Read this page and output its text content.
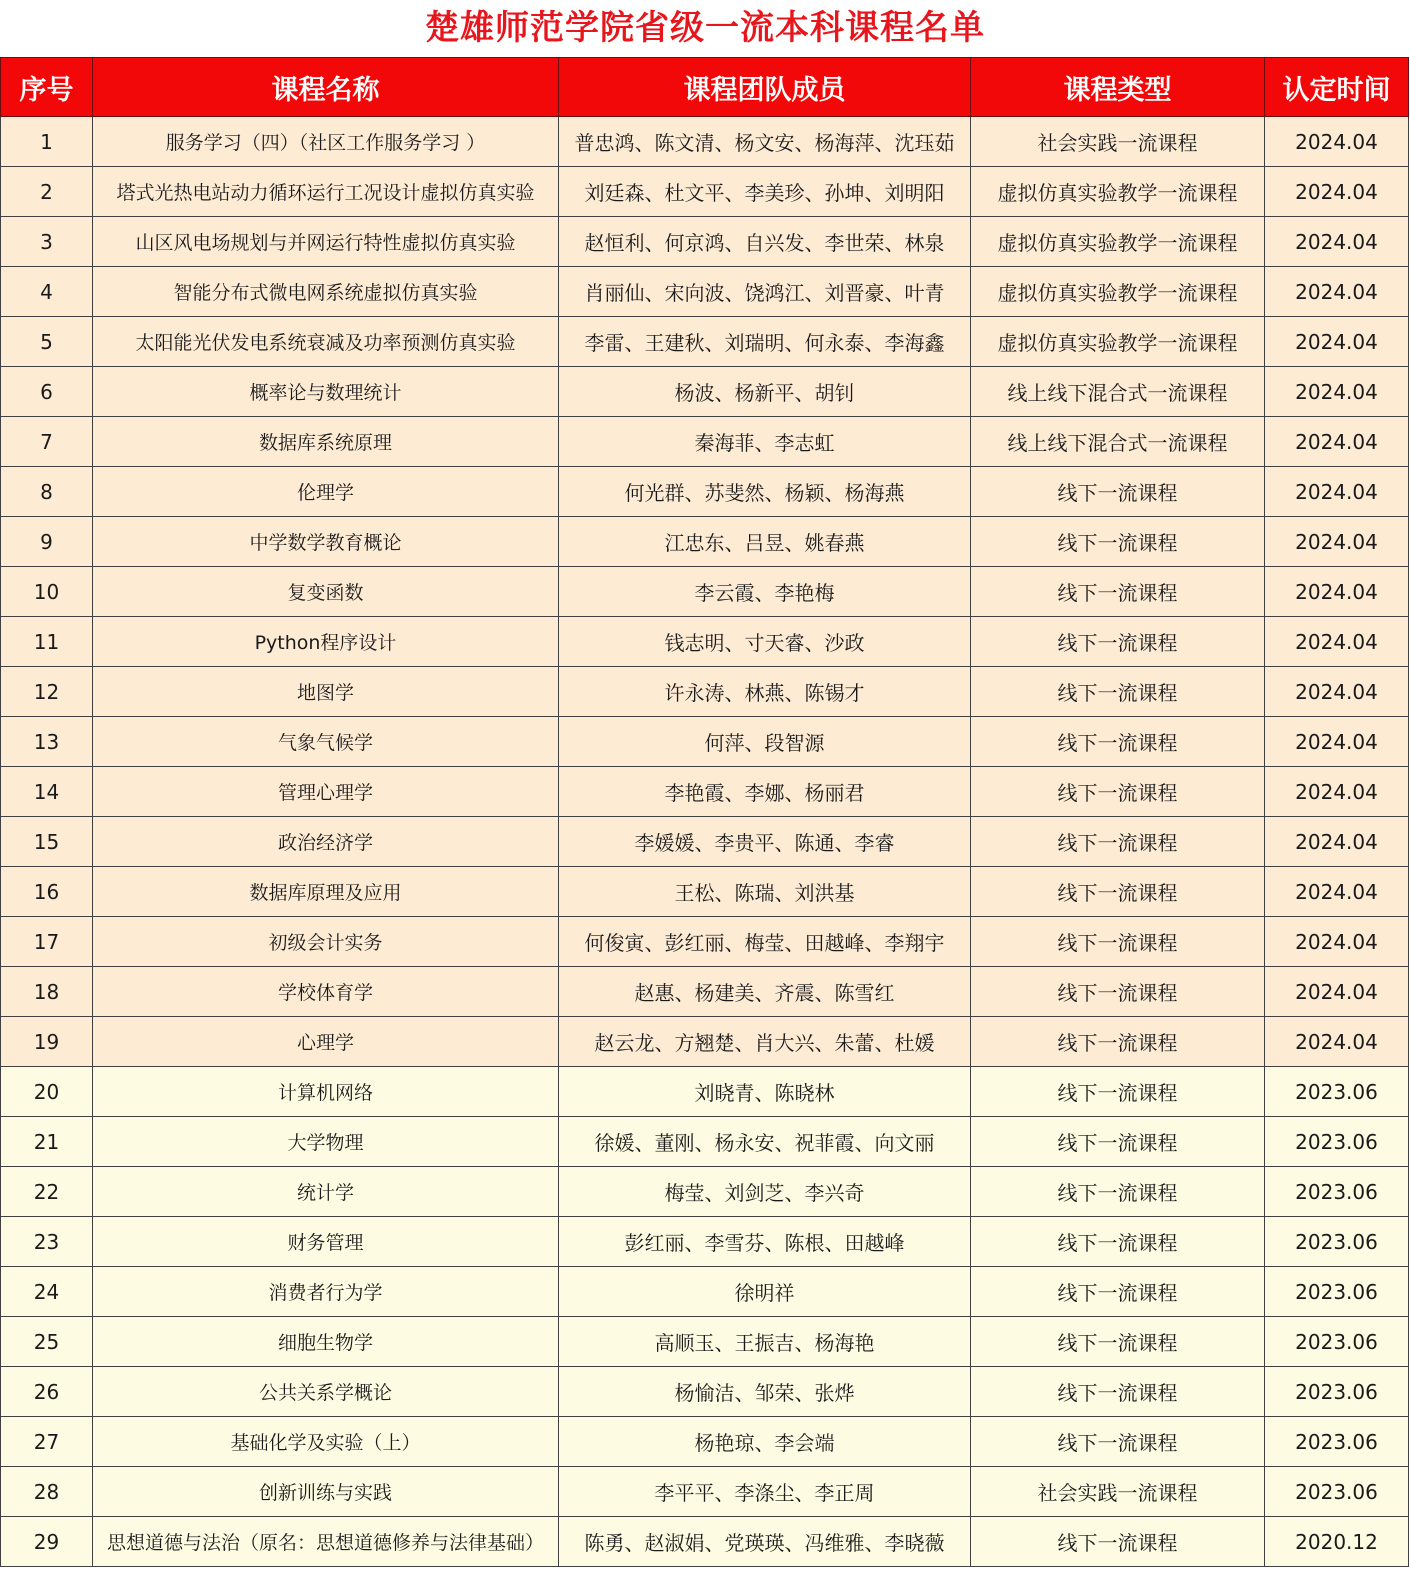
楚雄师范学院省级一流本科课程名单
序号	课程名称	课程团队成员	课程类型	认定时间
1	服务学习（四）（社区工作服务学习 ）	普忠鸿、陈文清、杨文安、杨海萍、沈珏茹	社会实践一流课程	2024.04
2	塔式光热电站动力循环运行工况设计虚拟仿真实验	刘廷森、杜文平、李美珍、孙坤、刘明阳	虚拟仿真实验教学一流课程	2024.04
3	山区风电场规划与并网运行特性虚拟仿真实验	赵恒利、何京鸿、自兴发、李世荣、林泉	虚拟仿真实验教学一流课程	2024.04
4	智能分布式微电网系统虚拟仿真实验	肖丽仙、宋向波、饶鸿江、刘晋豪、叶青	虚拟仿真实验教学一流课程	2024.04
5	太阳能光伏发电系统衰减及功率预测仿真实验	李雷、王建秋、刘瑞明、何永泰、李海鑫	虚拟仿真实验教学一流课程	2024.04
6	概率论与数理统计	杨波、杨新平、胡钊	线上线下混合式一流课程	2024.04
7	数据库系统原理	秦海菲、李志虹	线上线下混合式一流课程	2024.04
8	伦理学	何光群、苏斐然、杨颖、杨海燕	线下一流课程	2024.04
9	中学数学教育概论	江忠东、吕昱、姚春燕	线下一流课程	2024.04
10	复变函数	李云霞、李艳梅	线下一流课程	2024.04
11	Python程序设计	钱志明、寸天睿、沙政	线下一流课程	2024.04
12	地图学	许永涛、林燕、陈锡才	线下一流课程	2024.04
13	气象气候学	何萍、段智源	线下一流课程	2024.04
14	管理心理学	李艳霞、李娜、杨丽君	线下一流课程	2024.04
15	政治经济学	李媛媛、李贵平、陈通、李睿	线下一流课程	2024.04
16	数据库原理及应用	王松、陈瑞、刘洪基	线下一流课程	2024.04
17	初级会计实务	何俊寅、彭红丽、梅莹、田越峰、李翔宇	线下一流课程	2024.04
18	学校体育学	赵惠、杨建美、齐震、陈雪红	线下一流课程	2024.04
19	心理学	赵云龙、方翘楚、肖大兴、朱蕾、杜媛	线下一流课程	2024.04
20	计算机网络	刘晓青、陈晓林	线下一流课程	2023.06
21	大学物理	徐媛、董刚、杨永安、祝菲霞、向文丽	线下一流课程	2023.06
22	统计学	梅莹、刘剑芝、李兴奇	线下一流课程	2023.06
23	财务管理	彭红丽、李雪芬、陈根、田越峰	线下一流课程	2023.06
24	消费者行为学	徐明祥	线下一流课程	2023.06
25	细胞生物学	高顺玉、王振吉、杨海艳	线下一流课程	2023.06
26	公共关系学概论	杨愉洁、邹荣、张烨	线下一流课程	2023.06
27	基础化学及实验（上）	杨艳琼、李会端	线下一流课程	2023.06
28	创新训练与实践	李平平、李涤尘、李正周	社会实践一流课程	2023.06
29	思想道德与法治（原名：思想道德修养与法律基础）	陈勇、赵淑娟、党瑛瑛、冯维雅、李晓薇	线下一流课程	2020.12
